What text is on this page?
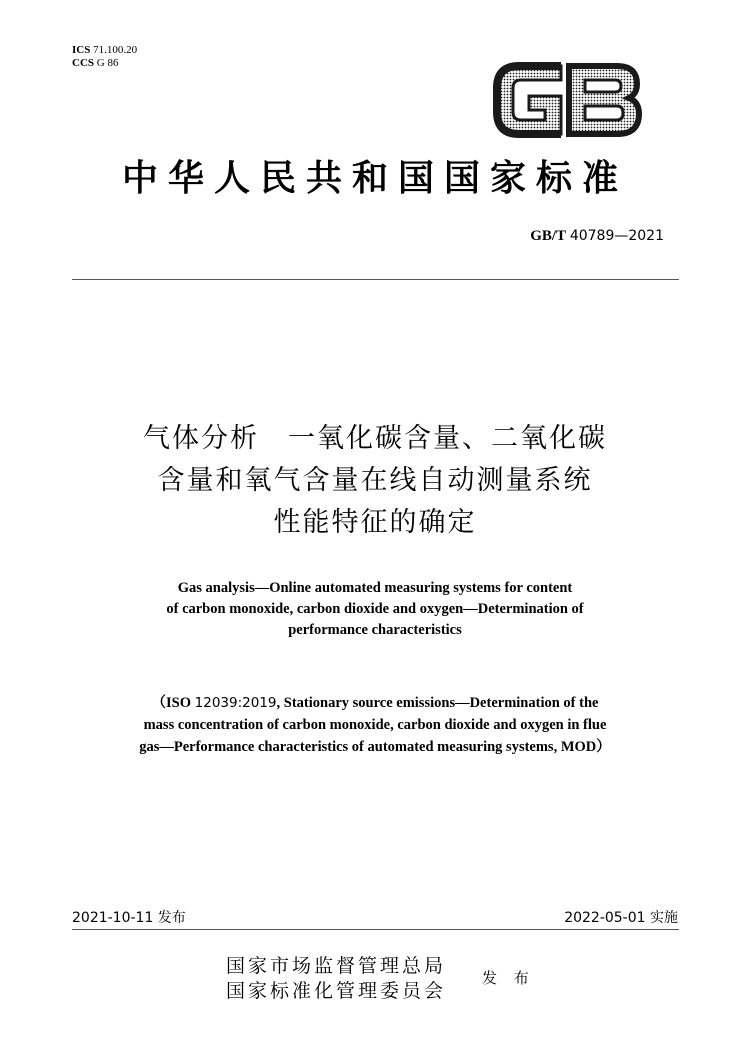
ICS 71.100.20
CCS G 86
中华人民共和国国家标准
GB/T 40789—2021
气体分析　一氧化碳含量、二氧化碳
含量和氧气含量在线自动测量系统
性能特征的确定
Gas analysis—Online automated measuring systems for content
of carbon monoxide, carbon dioxide and oxygen—Determination of
performance characteristics
（ISO 12039:2019, Stationary source emissions—Determination of the
mass concentration of carbon monoxide, carbon dioxide and oxygen in flue
gas—Performance characteristics of automated measuring systems, MOD）
2021-10-11 发布	2022-05-01 实施
国家市场监督管理总局
国家标准化管理委员会
发 布
